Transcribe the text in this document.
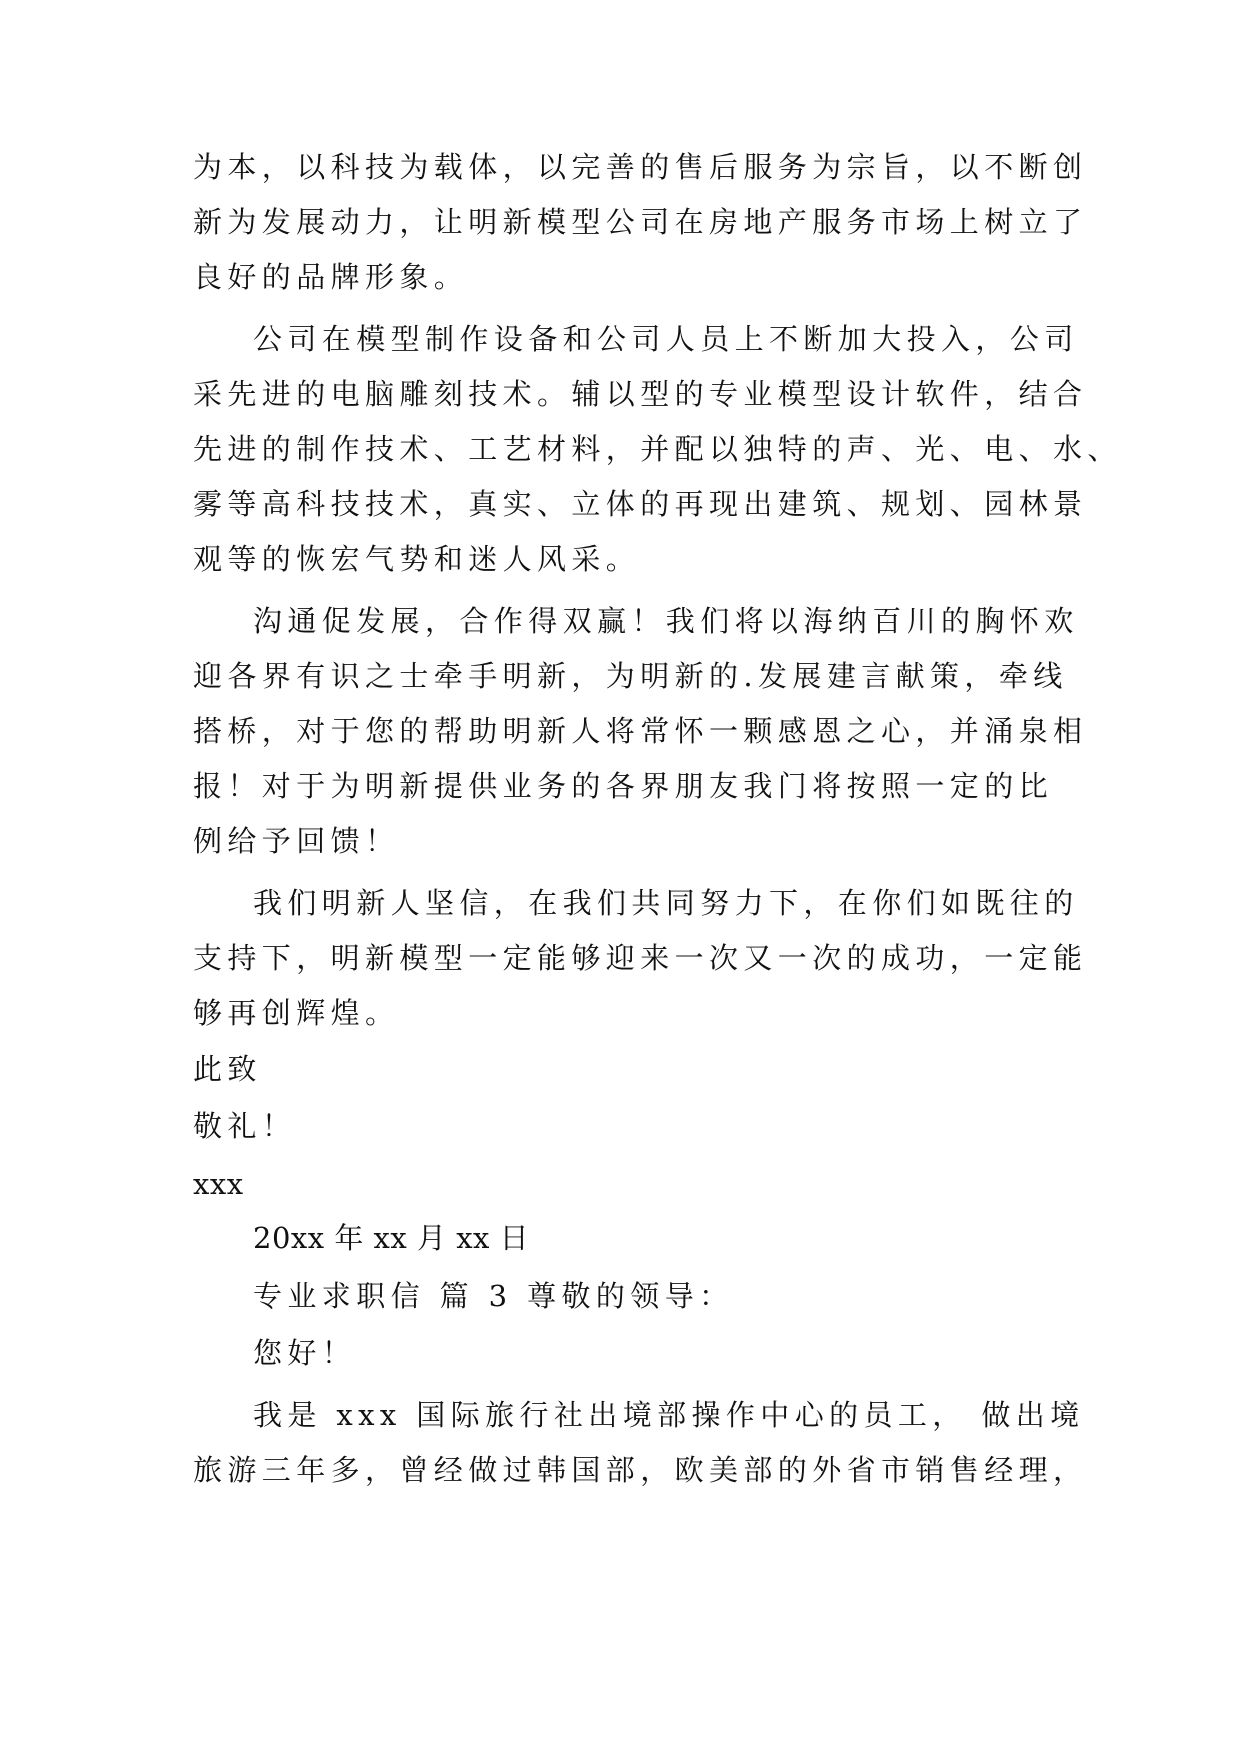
为本，以科技为载体，以完善的售后服务为宗旨，以不断创
新为发展动力，让明新模型公司在房地产服务市场上树立了
良好的品牌形象。
公司在模型制作设备和公司人员上不断加大投入，公司
采先进的电脑雕刻技术。辅以型的专业模型设计软件，结合
先进的制作技术、工艺材料，并配以独特的声、光、电、水、
雾等高科技技术，真实、立体的再现出建筑、规划、园林景
观等的恢宏气势和迷人风采。
沟通促发展，合作得双赢！我们将以海纳百川的胸怀欢
迎各界有识之士牵手明新，为明新的.发展建言献策，牵线
搭桥，对于您的帮助明新人将常怀一颗感恩之心，并涌泉相
报！对于为明新提供业务的各界朋友我门将按照一定的比
例给予回馈！
我们明新人坚信，在我们共同努力下，在你们如既往的
支持下，明新模型一定能够迎来一次又一次的成功，一定能
够再创辉煌。
此致
敬礼！
xxx
20xx 年 xx 月 xx 日
专业求职信 篇 3 尊敬的领导：
您好！
我是 xxx 国际旅行社出境部操作中心的员工， 做出境
旅游三年多，曾经做过韩国部，欧美部的外省市销售经理，
